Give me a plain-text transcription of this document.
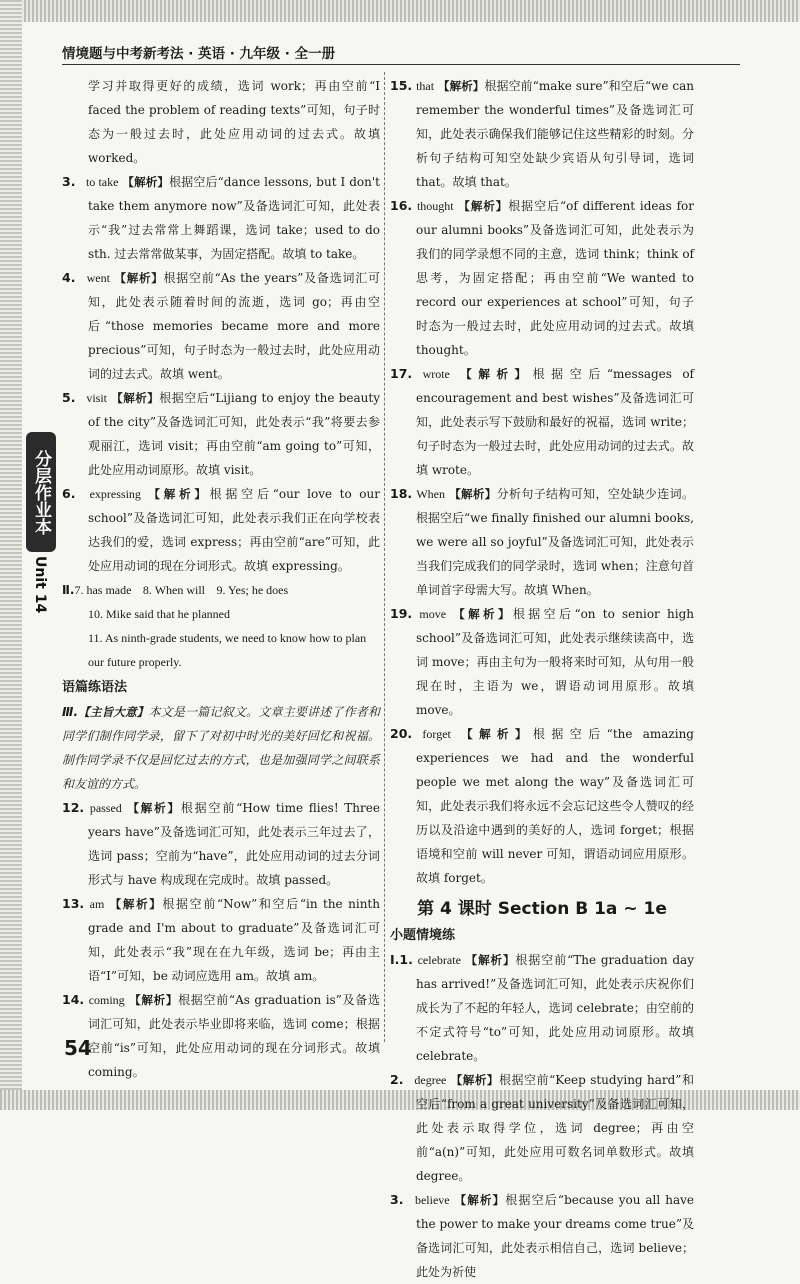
情境题与中考新考法 · 英语 · 九年级 · 全一册
分层作业本
Unit 14
学习并取得更好的成绩，选词 work；再由空前“I faced the problem of reading texts”可知，句子时态为一般过去时，此处应用动词的过去式。故填 worked。
3. to take 【解析】根据空后“dance lessons, but I don't take them anymore now”及备选词汇可知，此处表示“我”过去常常上舞蹈课，选词 take；used to do sth. 过去常常做某事，为固定搭配。故填 to take。
4. went 【解析】根据空前“As the years”及备选词汇可知，此处表示随着时间的流逝，选词 go；再由空后“those memories became more and more precious”可知，句子时态为一般过去时，此处应用动词的过去式。故填 went。
5. visit 【解析】根据空后“Lijiang to enjoy the beauty of the city”及备选词汇可知，此处表示“我”将要去参观丽江，选词 visit；再由空前“am going to”可知，此处应用动词原形。故填 visit。
6. expressing 【解析】根据空后“our love to our school”及备选词汇可知，此处表示我们正在向学校表达我们的爱，选词 express；再由空前“are”可知，此处应用动词的现在分词形式。故填 expressing。
Ⅱ.7. has made 8. When will 9. Yes; he does
10. Mike said that he planned
11. As ninth-grade students, we need to know how to plan our future properly.
语篇练语法
Ⅲ.【主旨大意】本文是一篇记叙文。文章主要讲述了作者和同学们制作同学录，留下了对初中时光的美好回忆和祝福。制作同学录不仅是回忆过去的方式，也是加强同学之间联系和友谊的方式。
12. passed 【解析】根据空前“How time flies! Three years have”及备选词汇可知，此处表示三年过去了，选词 pass；空前为“have”，此处应用动词的过去分词形式与 have 构成现在完成时。故填 passed。
13. am 【解析】根据空前“Now”和空后“in the ninth grade and I'm about to graduate”及备选词汇可知，此处表示“我”现在在九年级，选词 be；再由主语“I”可知，be 动词应选用 am。故填 am。
14. coming 【解析】根据空前“As graduation is”及备选词汇可知，此处表示毕业即将来临，选词 come；根据空前“is”可知，此处应用动词的现在分词形式。故填 coming。
15. that 【解析】根据空前“make sure”和空后“we can remember the wonderful times”及备选词汇可知，此处表示确保我们能够记住这些精彩的时刻。分析句子结构可知空处缺少宾语从句引导词，选词 that。故填 that。
16. thought 【解析】根据空后“of different ideas for our alumni books”及备选词汇可知，此处表示为我们的同学录想不同的主意，选词 think；think of 思考，为固定搭配；再由空前“We wanted to record our experiences at school”可知，句子时态为一般过去时，此处应用动词的过去式。故填 thought。
17. wrote 【解析】根据空后“messages of encouragement and best wishes”及备选词汇可知，此处表示写下鼓励和最好的祝福，选词 write；句子时态为一般过去时，此处应用动词的过去式。故填 wrote。
18. When 【解析】分析句子结构可知，空处缺少连词。根据空后“we finally finished our alumni books, we were all so joyful”及备选词汇可知，此处表示当我们完成我们的同学录时，选词 when；注意句首单词首字母需大写。故填 When。
19. move 【解析】根据空后“on to senior high school”及备选词汇可知，此处表示继续读高中，选词 move；再由主句为一般将来时可知，从句用一般现在时，主语为 we，谓语动词用原形。故填 move。
20. forget 【解析】根据空后“the amazing experiences we had and the wonderful people we met along the way”及备选词汇可知，此处表示我们将永远不会忘记这些令人赞叹的经历以及沿途中遇到的美好的人，选词 forget；根据语境和空前 will never 可知，谓语动词应用原形。故填 forget。
第 4 课时 Section B 1a ~ 1e
小题情境练
Ⅰ.1. celebrate 【解析】根据空前“The graduation day has arrived!”及备选词汇可知，此处表示庆祝你们成长为了不起的年轻人，选词 celebrate；由空前的不定式符号“to”可知，此处应用动词原形。故填 celebrate。
2. degree 【解析】根据空前“Keep studying hard”和空后“from a great university”及备选词汇可知，此处表示取得学位，选词 degree；再由空前“a(n)”可知，此处应用可数名词单数形式。故填 degree。
3. believe 【解析】根据空后“because you all have the power to make your dreams come true”及备选词汇可知，此处表示相信自己，选词 believe；此处为祈使
54
